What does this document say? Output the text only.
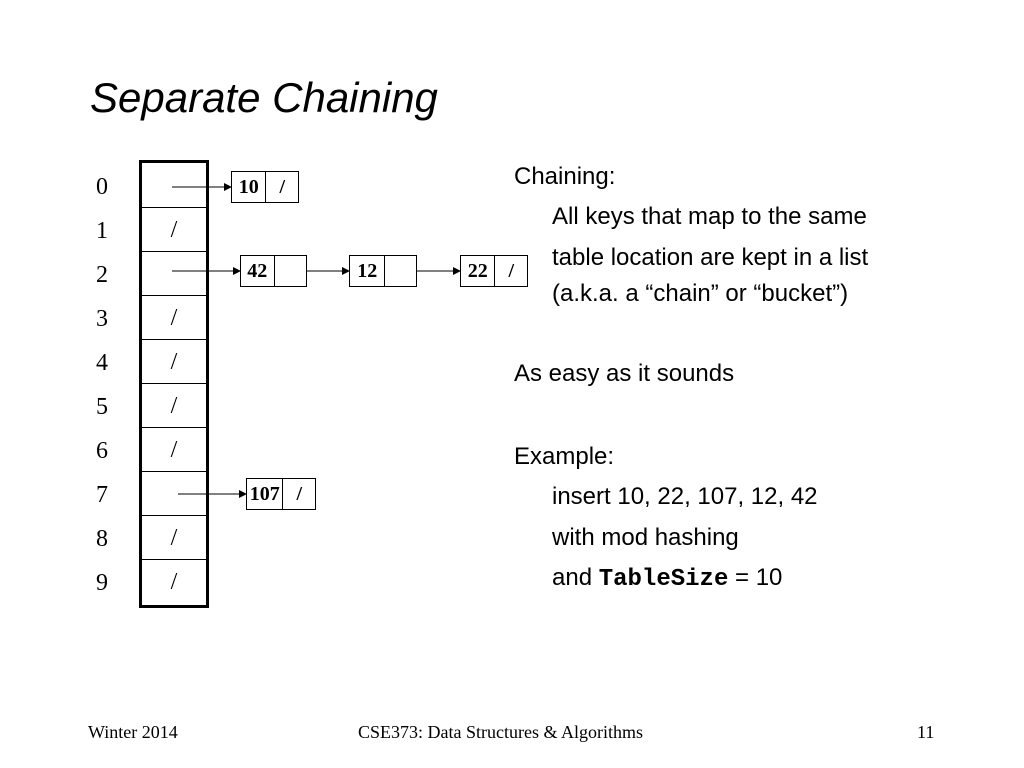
Separate Chaining
0
1
2
3
4
5
6
7
8
9
/
/
/
/
/
/
/
10	/
42	12	22	/
107 /
Chaining:
All keys that map to the same
table location are kept in a list
(a.k.a. a “chain” or “bucket”)
As easy as it sounds
Example:
insert 10, 22, 107, 12, 42
with mod hashing
and TableSize = 10
Winter 2014	CSE373: Data Structures & Algorithms	11
